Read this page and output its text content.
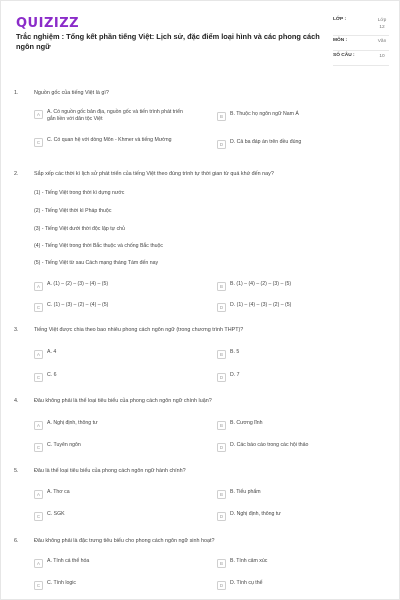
QUIZIZZ
Trắc nghiệm : Tổng kết phần tiếng Việt: Lịch sử, đặc điểm loại hình và các phong cách ngôn ngữ
LỚP :	Lớp 12
MÔN :	Văn
SỐ CÂU :	10
1.	Nguồn gốc của tiếng Việt là gì?
A	A. Có nguồn gốc bản địa, nguồn gốc và tiến trình phát triển gắn liền với dân tộc Việt	B	B. Thuộc họ ngôn ngữ Nam Á
C	C. Có quan hệ với dòng Môn - Khmer và tiếng Mường
D	D. Cả ba đáp án trên đều đúng
2.	Sắp xếp các thời kì lịch sử phát triển của tiếng Việt theo đúng trình tự thời gian từ quá khứ đến nay?
(1) - Tiếng Việt trong thời kì dựng nước
(2) - Tiếng Việt thời kì Pháp thuộc
(3) - Tiếng Việt dưới thời độc lập tự chủ
(4) - Tiếng Việt trong thời Bắc thuộc và chống Bắc thuộc
(5) - Tiếng Việt từ sau Cách mạng tháng Tám đến nay
A	A. (1) – (2) – (3) – (4) – (5)	B	B. (1) – (4) – (2) – (3) – (5)
C	C. (1) – (3) – (2) – (4) – (5)	D	D. (1) – (4) – (3) – (2) – (5)
3.	Tiếng Việt được chia theo bao nhiêu phong cách ngôn ngữ (trong chương trình THPT)?
A	A. 4	B	B. 5
C	C. 6	D	D. 7
4.	Đâu không phải là thể loại tiêu biểu của phong cách ngôn ngữ chính luận?
A	A. Nghị định, thông tư	B	B. Cương lĩnh
C	C. Tuyên ngôn	D	D. Các báo cáo trong các hội thảo
5.	Đâu là thể loại tiêu biểu của phong cách ngôn ngữ hành chính?
A	A. Thơ ca	B	B. Tiểu phẩm
C	C. SGK	D	D. Nghị định, thông tư
6.	Đâu không phải là đặc trưng tiêu biểu cho phong cách ngôn ngữ sinh hoạt?
A	A. Tính cá thể hóa	B	B. Tính cảm xúc
C	C. Tính logic	D	D. Tính cụ thể
